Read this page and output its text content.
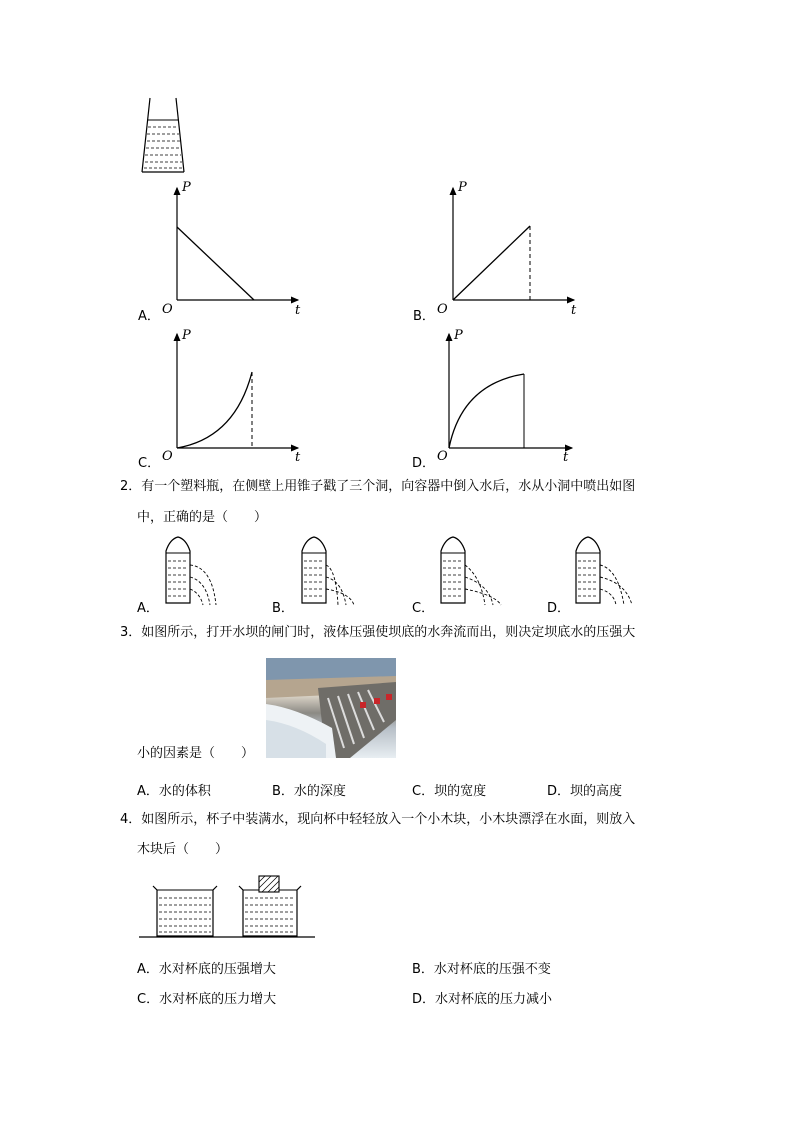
P
t
O
A．
P
t
O
B．
P
t
O
C．
P
t
O
D．
2．有一个塑料瓶，在侧壁上用锥子戳了三个洞，向容器中倒入水后，水从小洞中喷出如图
中，正确的是（　　）
A．	B．	C．	D．
3．如图所示，打开水坝的闸门时，液体压强使坝底的水奔流而出，则决定坝底水的压强大
小的因素是（　　）
A．水的体积	B．水的深度	C．坝的宽度	D．坝的高度
4．如图所示，杯子中装满水，现向杯中轻轻放入一个小木块，小木块漂浮在水面，则放入
木块后（　　）
A．水对杯底的压强增大	B．水对杯底的压强不变
C．水对杯底的压力增大	D．水对杯底的压力减小
